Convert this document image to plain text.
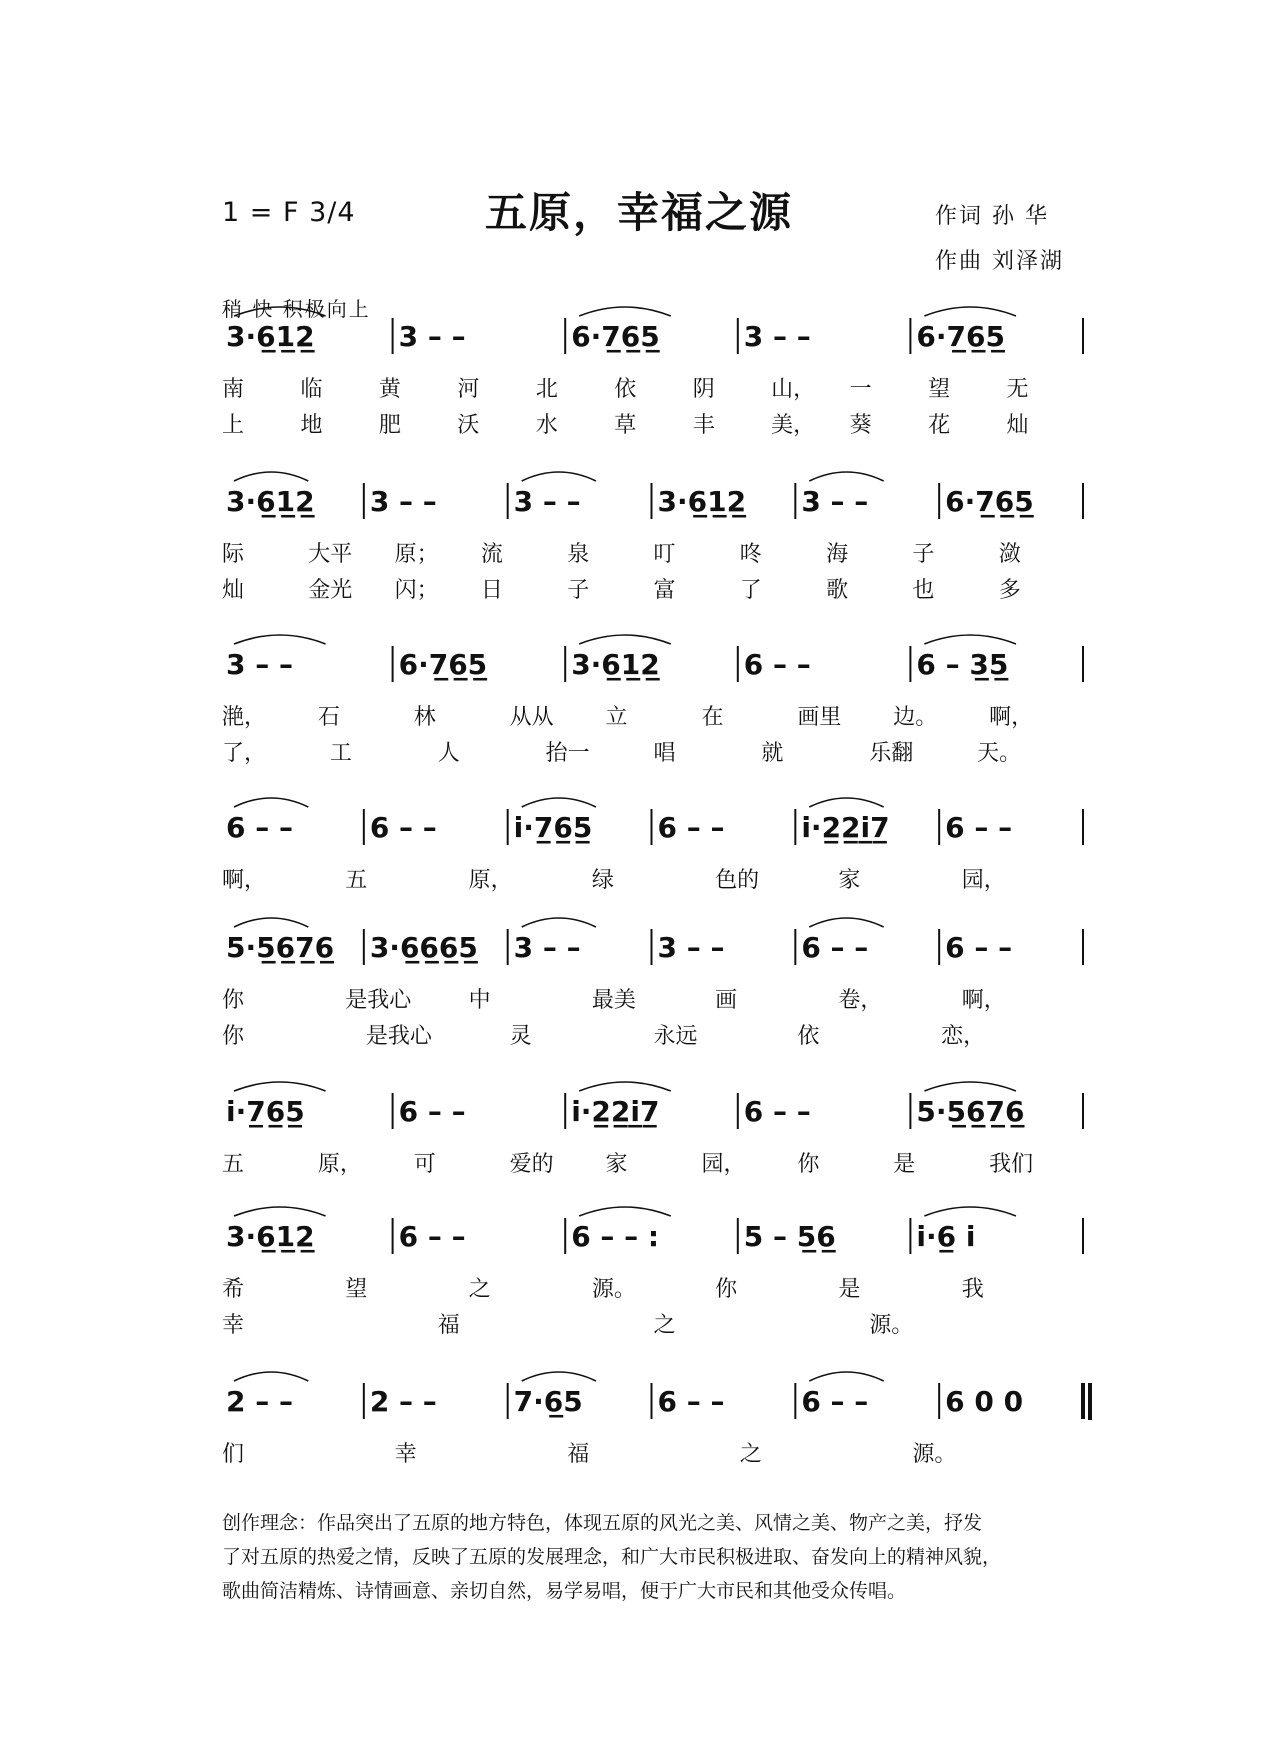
1 = F 3/4	五原，幸福之源	作词 孙 华
作曲 刘泽湖
稍 快 积极向上
3·6̲1̲2̲	3 – –	6·7̲6̲5̲	3 – –	6·7̲6̲5̲
南	临	黄	河	北	依	阴	山， 一	望	无
上	地	肥	沃	水	草	丰	美， 葵	花	灿
3·6̲1̲2̲ 3 – –	3 – –	3·6̲1̲2̲ 3 – –	6·7̲6̲5̲
际	大平 原； 流	泉	叮	咚	海	子	潋
灿	金光 闪； 日	子	富	了	歌	也	多
3 – –	6·7̲6̲5̲	3·6̲1̲2̲	6 – –	6 – 3̲5̲
滟， 石	林	从从 立	在	画里 边。 啊，
了，	工	人	抬一	唱	就	乐翻	天。
6 – –	6 – –	i·7̲6̲5̲ 6 – –	i·2̲2̲i̲7̲ 6 – –
啊，	五	原，	绿	色的	家	园，
5·5̲6̲7̲6̲ 3·6̲6̲6̲5̲ 3 – –	3 – –	6 – –	6 – –
你	是我心	中	最美	画	卷，	啊，
你	是我心	灵	永远	依	恋，
i·7̲6̲5̲	6 – –	i·2̲2̲i̲7̲	6 – –	5·5̲6̲7̲6̲
五	原， 可	爱的 家	园， 你	是	我们
3·6̲1̲2̲	6 – –	6 – – :	5 – 5̲6̲	i·6̲ i
希	望	之	源。	你	是	我
幸	福	之	源。
2 – –	2 – –	7·6̲5	6 – –	6 – –	6 0 0
们	幸	福	之	源。
创作理念：作品突出了五原的地方特色，体现五原的风光之美、风情之美、物产之美，抒发
了对五原的热爱之情，反映了五原的发展理念，和广大市民积极进取、奋发向上的精神风貌，
歌曲简洁精炼、诗情画意、亲切自然，易学易唱，便于广大市民和其他受众传唱。
